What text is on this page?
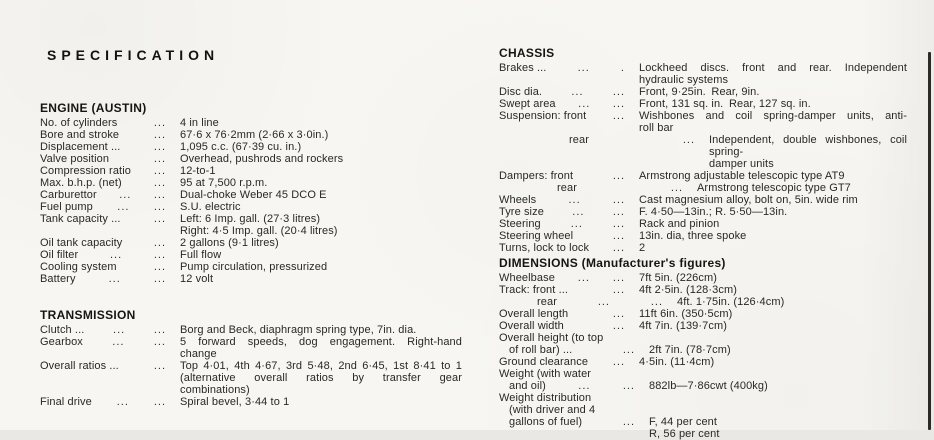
SPECIFICATION
ENGINE (AUSTIN)
No. of cylinders	... 4 in line
Bore and stroke	... 67·6 x 76·2mm (2·66 x 3·0in.)
Displacement ...	... 1,095 c.c. (67·39 cu. in.)
Valve position	... Overhead, pushrods and rockers
Compression ratio ... 12-to-1
Max. b.h.p. (net)	... 95 at 7,500 r.p.m.
Carburettor ... ... Dual-choke Weber 45 DCO E
Fuel pump ... ... S.U. electric
Tank capacity ...	... Left: 6 Imp. gall. (27·3 litres)
Right: 4·5 Imp. gall. (20·4 litres)
Oil tank capacity	... 2 gallons (9·1 litres)
Oil filter	...	... Full flow
Cooling system	... Pump circulation, pressurized
Battery	...	... 12 volt
TRANSMISSION
Clutch ...	...	... Borg and Beck, diaphragm spring type, 7in. dia.
Gearbox	...	... 5 forward speeds, dog engagement. Right-hand
change
Overall ratios ...	... Top 4·01, 4th 4·67, 3rd 5·48, 2nd 6·45, 1st 8·41 to 1
(alternative overall ratios by transfer gear
combinations)
Final drive ... ... Spiral bevel, 3·44 to 1
CHASSIS
Brakes ...	...	. Lockheed discs. front and rear. Independent
hydraulic systems
Disc dia.	...	... Front, 9·25in. Rear, 9in.
Swept area ... ... Front, 131 sq. in. Rear, 127 sq. in.
Suspension: front ... Wishbones and coil spring-damper units, anti-
roll bar
rear	... Independent, double wishbones, coil spring-
damper units
Dampers: front	... Armstrong adjustable telescopic type AT9
rear	... Armstrong telescopic type GT7
Wheels	...	... Cast magnesium alloy, bolt on, 5in. wide rim
Tyre size	...	... F. 4·50—13in.; R. 5·50—13in.
Steering	...	... Rack and pinion
Steering wheel	... 13in. dia, three spoke
Turns, lock to lock ... 2
DIMENSIONS (Manufacturer's figures)
Wheelbase ... ... 7ft 5in. (226cm)
Track: front ...	... 4ft 2·5in. (128·3cm)
rear	...	... 4ft. 1·75in. (126·4cm)
Overall length	... 11ft 6in. (350·5cm)
Overall width	... 4ft 7in. (139·7cm)
Overall height (to top
of roll bar) ...	... 2ft 7in. (78·7cm)
Ground clearance ... 4·5in. (11·4cm)
Weight (with water
and oil)	...	... 882lb—7·86cwt (400kg)
Weight distribution
(with driver and 4
gallons of fuel)	... F, 44 per cent
R, 56 per cent
